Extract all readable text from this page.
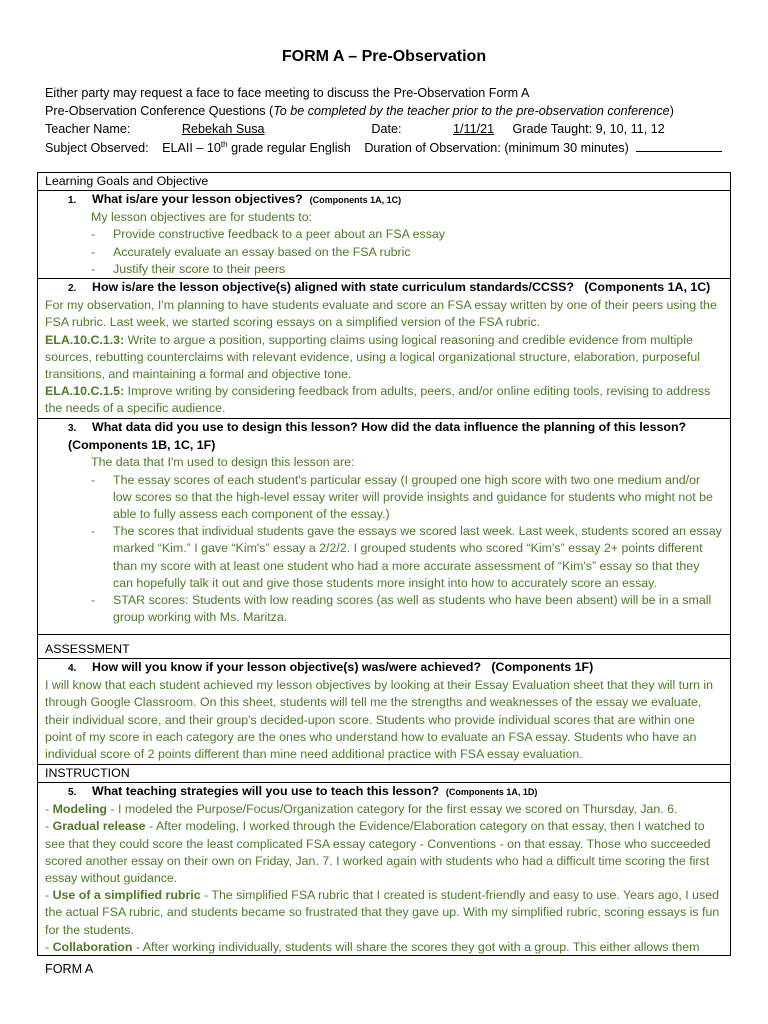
FORM A – Pre-Observation
Either party may request a face to face meeting to discuss the Pre-Observation Form A
Pre-Observation Conference Questions (To be completed by the teacher prior to the pre-observation conference)
Teacher Name:	Rebekah Susa	Date:	1/11/21 Grade Taught: 9, 10, 11, 12
Subject Observed: ELAII – 10th grade regular English Duration of Observation: (minimum 30 minutes)
Learning Goals and Objective
1. What is/are your lesson objectives? (Components 1A, 1C)
My lesson objectives are for students to:
- Provide constructive feedback to a peer about an FSA essay
- Accurately evaluate an essay based on the FSA rubric
- Justify their score to their peers
2. How is/are the lesson objective(s) aligned with state curriculum standards/CCSS? (Components 1A, 1C)

For my observation, I'm planning to have students evaluate and score an FSA essay written by one of their peers using the FSA rubric. Last week, we started scoring essays on a simplified version of the FSA rubric.

ELA.10.C.1.3: Write to argue a position, supporting claims using logical reasoning and credible evidence from multiple sources, rebutting counterclaims with relevant evidence, using a logical organizational structure, elaboration, purposeful transitions, and maintaining a formal and objective tone.

ELA.10.C.1.5: Improve writing by considering feedback from adults, peers, and/or online editing tools, revising to address the needs of a specific audience.

3. What data did you use to design this lesson? How did the data influence the planning of this lesson? (Components 1B, 1C, 1F)
The data that I'm used to design this lesson are:
- The essay scores of each student's particular essay (I grouped one high score with two one medium and/or low scores so that the high-level essay writer will provide insights and guidance for students who might not be able to fully assess each component of the essay.)
- The scores that individual students gave the essays we scored last week. Last week, students scored an essay marked “Kim.” I gave “Kim's” essay a 2/2/2. I grouped students who scored “Kim's” essay 2+ points different than my score with at least one student who had a more accurate assessment of “Kim's” essay so that they can hopefully talk it out and give those students more insight into how to accurately score an essay.
- STAR scores: Students with low reading scores (as well as students who have been absent) will be in a small group working with Ms. Maritza.
ASSESSMENT
4. How will you know if your lesson objective(s) was/were achieved? (Components 1F)
I will know that each student achieved my lesson objectives by looking at their Essay Evaluation sheet that they will turn in through Google Classroom. On this sheet, students will tell me the strengths and weaknesses of the essay we evaluate, their individual score, and their group's decided-upon score. Students who provide individual scores that are within one point of my score in each category are the ones who understand how to evaluate an FSA essay. Students who have an individual score of 2 points different than mine need additional practice with FSA essay evaluation.
INSTRUCTION
5. What teaching strategies will you use to teach this lesson? (Components 1A, 1D)

- Modeling - I modeled the Purpose/Focus/Organization category for the first essay we scored on Thursday, Jan. 6.

- Gradual release - After modeling, I worked through the Evidence/Elaboration category on that essay, then I watched to see that they could score the least complicated FSA essay category - Conventions - on that essay. Those who succeeded scored another essay on their own on Friday, Jan. 7. I worked again with students who had a difficult time scoring the first essay without guidance.

- Use of a simplified rubric - The simplified FSA rubric that I created is student-friendly and easy to use. Years ago, I used the actual FSA rubric, and students became so frustrated that they gave up. With my simplified rubric, scoring essays is fun for the students.

- Collaboration - After working individually, students will share the scores they got with a group. This either allows them

FORM A
